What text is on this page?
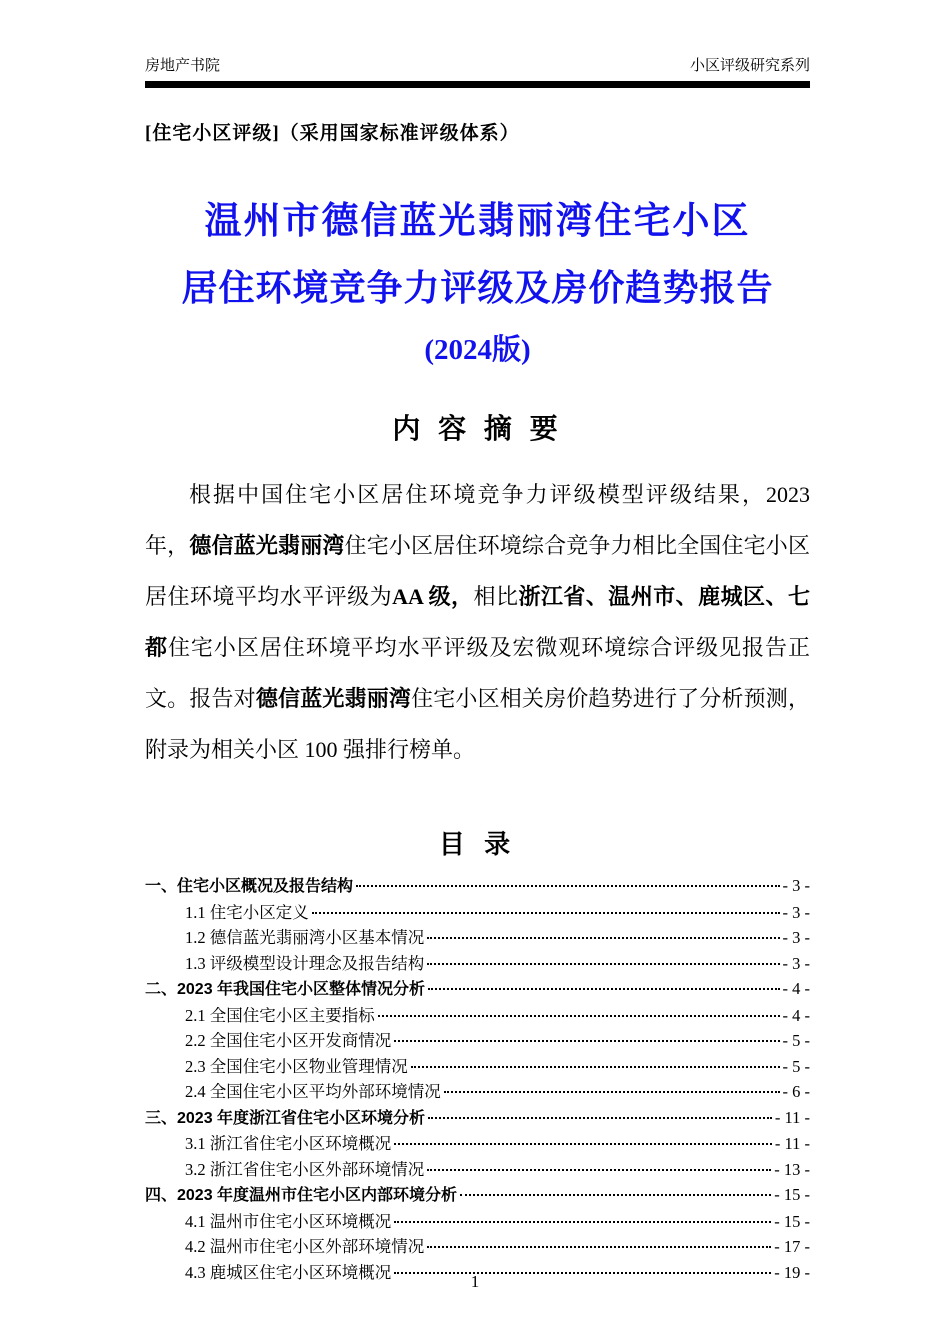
房地产书院	小区评级研究系列
[住宅小区评级]（采用国家标准评级体系）
温州市德信蓝光翡丽湾住宅小区
居住环境竞争力评级及房价趋势报告
(2024版)
内 容 摘 要

根据中国住宅小区居住环境竞争力评级模型评级结果，2023 年，德信蓝光翡丽湾住宅小区居住环境综合竞争力相比全国住宅小区居住环境平均水平评级为AA 级，相比浙江省、温州市、鹿城区、七都住宅小区居住环境平均水平评级及宏微观环境综合评级见报告正文。报告对德信蓝光翡丽湾住宅小区相关房价趋势进行了分析预测，附录为相关小区 100 强排行榜单。

目 录
一、住宅小区概况及报告结构	- 3 -
1.1 住宅小区定义	- 3 -
1.2 德信蓝光翡丽湾小区基本情况	- 3 -
1.3 评级模型设计理念及报告结构	- 3 -
二、2023 年我国住宅小区整体情况分析	- 4 -
2.1 全国住宅小区主要指标	- 4 -
2.2 全国住宅小区开发商情况	- 5 -
2.3 全国住宅小区物业管理情况	- 5 -
2.4 全国住宅小区平均外部环境情况	- 6 -
三、2023 年度浙江省住宅小区环境分析	- 11 -
3.1 浙江省住宅小区环境概况	- 11 -
3.2 浙江省住宅小区外部环境情况	- 13 -
四、2023 年度温州市住宅小区内部环境分析	- 15 -
4.1 温州市住宅小区环境概况	- 15 -
4.2 温州市住宅小区外部环境情况	- 17 -
4.3 鹿城区住宅小区环境概况	- 19 -
1
